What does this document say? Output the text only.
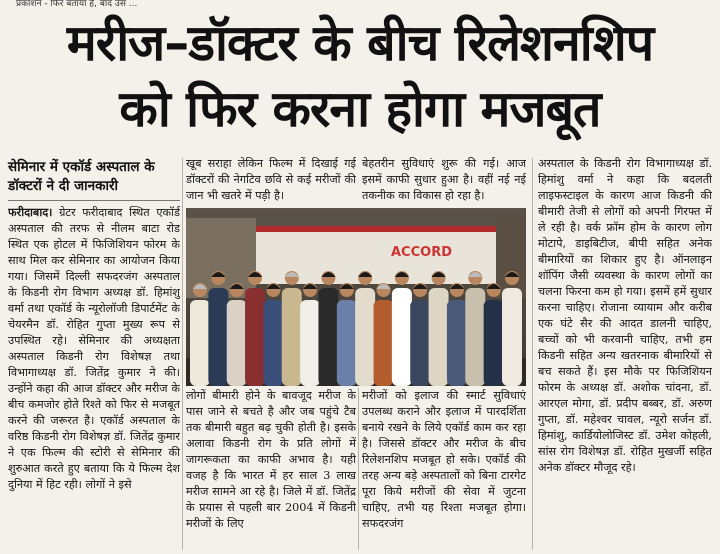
प्रकाशन - फिर बताया है, बाद उस ...
मरीज–डॉक्टर के बीच रिलेशनशिप
को फिर करना होगा मजबूत
सेमिनार में एकॉर्ड अस्पताल के डॉक्टरों ने दी जानकारी

फरीदाबाद। ग्रेटर फरीदाबाद स्थित एकॉर्ड अस्पताल की तरफ से नीलम बाटा रोड स्थित एक होटल में फिजिशियन फोरम के साथ मिल कर सेमिनार का आयोजन किया गया। जिसमें दिल्ली सफदरजंग अस्पताल के किडनी रोग विभाग अध्यक्ष डॉ. हिमांशु वर्मा तथा एकॉर्ड के न्यूरोलॉजी डिपार्टमेंट के चेयरमैन डॉ. रोहित गुप्ता मुख्य रूप से उपस्थित रहे। सेमिनार की अध्यक्षता अस्पताल किडनी रोग विशेषज्ञ तथा विभागाध्यक्ष डॉ. जितेंद्र कुमार ने की। उन्होंने कहा की आज डॉक्टर और मरीज के बीच कमजोर होते रिश्ते को फिर से मजबूत करने की जरूरत है। एकॉर्ड अस्पताल के वरिष्ठ किडनी रोग विशेषज्ञ डॉ. जितेंद्र कुमार ने एक फिल्म की स्टोरी से सेमिनार की शुरुआत करते हुए बताया कि ये फिल्म देश दुनिया में हिट रही। लोगों ने इसे

खूब सराहा लेकिन फिल्म में दिखाई गई डॉक्टरों की नेगटिव छवि से कई मरीजों की जान भी खतरे में पड़ी है।

बेहतरीन सुविधाएं शुरू की गई। आज इसमें काफी सुधार हुआ है। वहीं नई नई तकनीक का विकास हो रहा है।

ACCORD

लोगों बीमारी होने के बावजूद मरीज के पास जाने से बचते है और जब पहुंचे टैब तक बीमारी बहुत बढ़ चुकी होती है। इसके अलावा किडनी रोग के प्रति लोगों में जागरूकता का काफी अभाव है। यही वजह है कि भारत में हर साल 3 लाख मरीज सामने आ रहे है। जिले में डॉ. जितेंद्र के प्रयास से पहली बार 2004 में किडनी मरीजों के लिए

मरीजों को इलाज की स्मार्ट सुविधाएं उपलब्ध कराने और इलाज में पारदर्शिता बनाये रखने के लिये एकॉर्ड काम कर रहा है। जिससे डॉक्टर और मरीज के बीच रिलेशनशिप मजबूत हो सके। एकॉर्ड की तरह अन्य बड़े अस्पतालों को बिना टारगेट पूरा किये मरीजों की सेवा में जुटना चाहिए, तभी यह रिश्ता मजबूत होगा। सफदरजंग

अस्पताल के किडनी रोग विभागाध्यक्ष डॉ. हिमांशु वर्मा ने कहा कि बदलती लाइफस्टाइल के कारण आज किडनी की बीमारी तेजी से लोगों को अपनी गिरफ्त में ले रही है। वर्क फ्रॉम होम के कारण लोग मोटापे, डाइबिटीज, बीपी सहित अनेक बीमारियों का शिकार हुए है। ऑनलाइन शॉपिंग जैसी व्यवस्था के कारण लोगों का चलना फिरना कम हो गया। इसमें हमें सुधार करना चाहिए। रोजाना व्यायाम और करीब एक घंटे सैर की आदत डालनी चाहिए, बच्चों को भी करवानी चाहिए, तभी हम किडनी सहित अन्य खतरनाक बीमारियों से बच सकते हैं। इस मौके पर फिजिशियन फोरम के अध्यक्ष डॉ. अशोक चांदना, डॉ. आरएल मोगा, डॉ. प्रदीप बब्बर, डॉ. अरुण गुप्ता, डॉ. महेश्वर चावल, न्यूरो सर्जन डॉ. हिमांशु, कार्डियोलोजिस्ट डॉ. उमेश कोहली, सांस रोग विशेषज्ञ डॉ. रोहित मुखर्जी सहित अनेक डॉक्टर मौजूद रहे।
